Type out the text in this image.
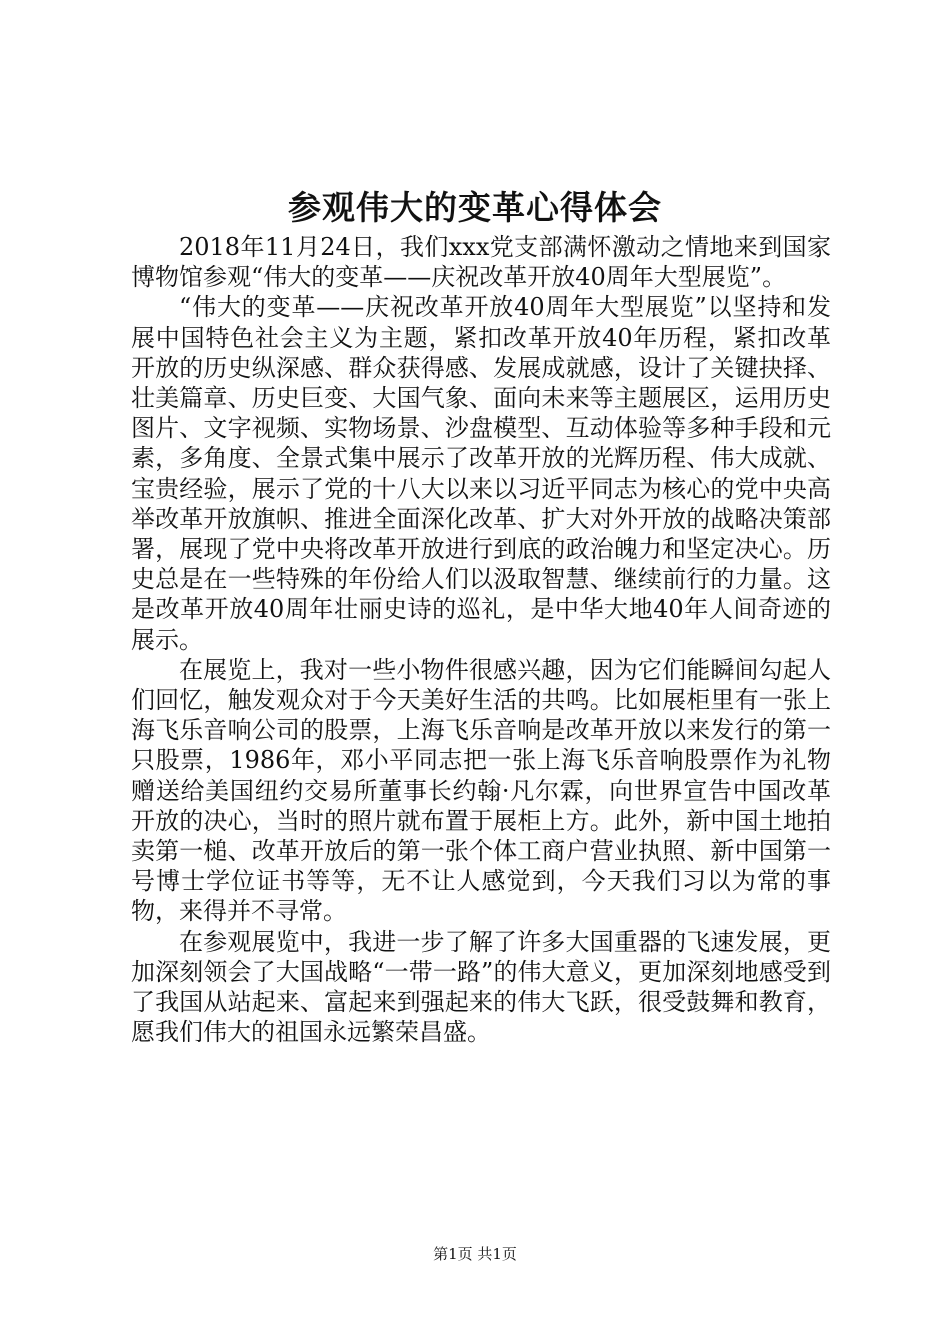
参观伟大的变革心得体会

2018年11月24日，我们xxx党支部满怀激动之情地来到国家博物馆参观“伟大的变革——庆祝改革开放40周年大型展览”。

“伟大的变革——庆祝改革开放40周年大型展览”以坚持和发展中国特色社会主义为主题，紧扣改革开放40年历程，紧扣改革开放的历史纵深感、群众获得感、发展成就感，设计了关键抉择、壮美篇章、历史巨变、大国气象、面向未来等主题展区，运用历史图片、文字视频、实物场景、沙盘模型、互动体验等多种手段和元素，多角度、全景式集中展示了改革开放的光辉历程、伟大成就、宝贵经验，展示了党的十八大以来以习近平同志为核心的党中央高举改革开放旗帜、推进全面深化改革、扩大对外开放的战略决策部署，展现了党中央将改革开放进行到底的政治魄力和坚定决心。历史总是在一些特殊的年份给人们以汲取智慧、继续前行的力量。这是改革开放40周年壮丽史诗的巡礼，是中华大地40年人间奇迹的展示。

在展览上，我对一些小物件很感兴趣，因为它们能瞬间勾起人们回忆，触发观众对于今天美好生活的共鸣。比如展柜里有一张上海飞乐音响公司的股票，上海飞乐音响是改革开放以来发行的第一只股票，1986年，邓小平同志把一张上海飞乐音响股票作为礼物赠送给美国纽约交易所董事长约翰·凡尔霖，向世界宣告中国改革开放的决心，当时的照片就布置于展柜上方。此外，新中国土地拍卖第一槌、改革开放后的第一张个体工商户营业执照、新中国第一号博士学位证书等等，无不让人感觉到，今天我们习以为常的事物，来得并不寻常。

在参观展览中，我进一步了解了许多大国重器的飞速发展，更加深刻领会了大国战略“一带一路”的伟大意义，更加深刻地感受到了我国从站起来、富起来到强起来的伟大飞跃，很受鼓舞和教育，愿我们伟大的祖国永远繁荣昌盛。

第1页 共1页
